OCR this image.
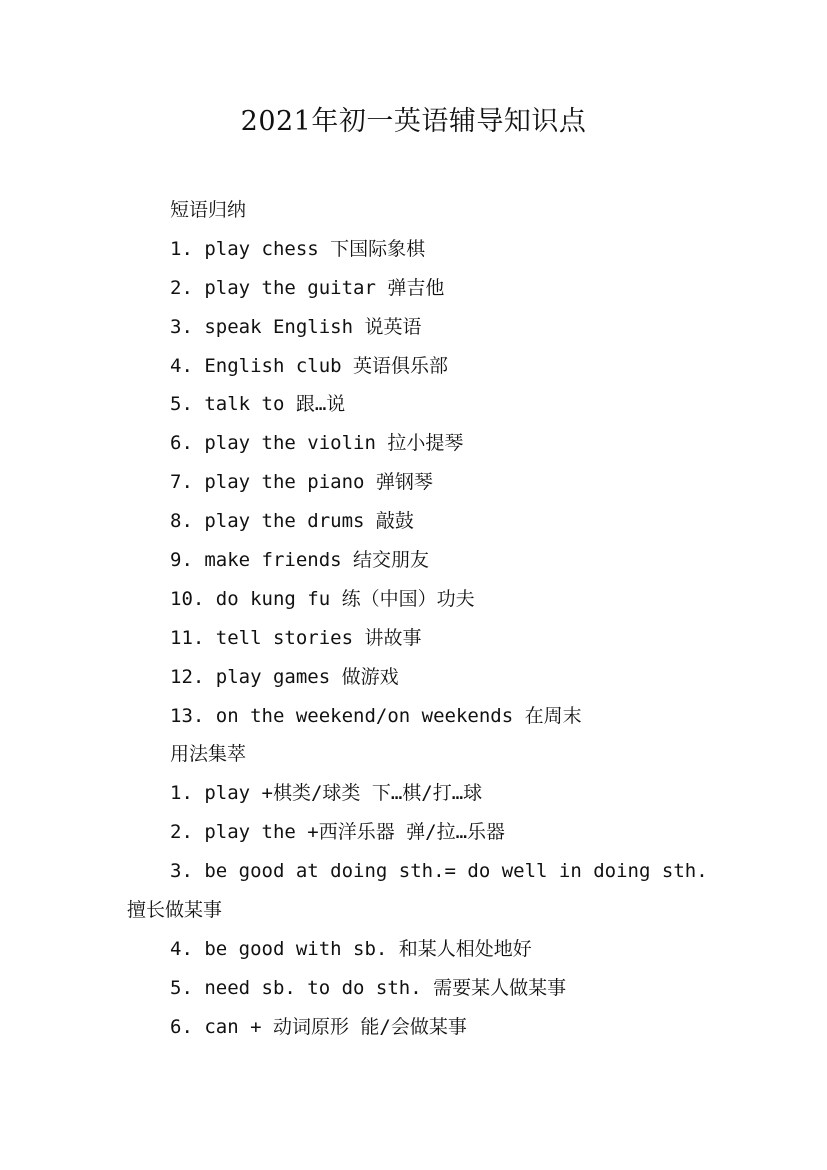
2021年初一英语辅导知识点
短语归纳
1. play chess 下国际象棋
2. play the guitar 弹吉他
3. speak English 说英语
4. English club 英语俱乐部
5. talk to 跟…说
6. play the violin 拉小提琴
7. play the piano 弹钢琴
8. play the drums 敲鼓
9. make friends 结交朋友
10. do kung fu 练（中国）功夫
11. tell stories 讲故事
12. play games 做游戏
13. on the weekend/on weekends 在周末
用法集萃
1. play +棋类/球类 下…棋/打…球
2. play the +西洋乐器 弹/拉…乐器
3. be good at doing sth.= do well in doing sth.
擅长做某事
4. be good with sb. 和某人相处地好
5. need sb. to do sth. 需要某人做某事
6. can + 动词原形 能/会做某事
